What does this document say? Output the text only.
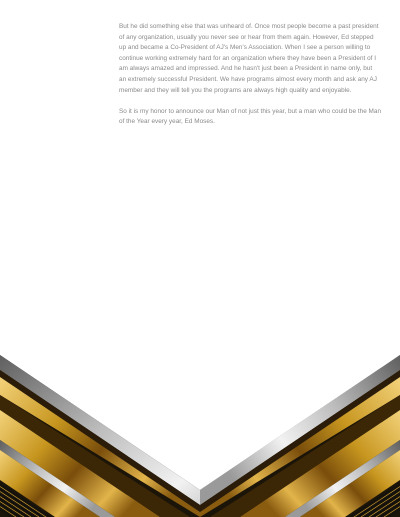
But he did something else that was unheard of. Once most people become a past president of any organization, usually you never see or hear from them again. However, Ed stepped up and became a Co-President of AJ's Men's Association. When I see a person willing to continue working extremely hard for an organization where they have been a President of I am always amazed and impressed. And he hasn't just been a President in name only, but an extremely successful President. We have programs almost every month and ask any AJ member and they will tell you the programs are always high quality and enjoyable.

So it is my honor to announce our Man of not just this year, but a man who could be the Man of the Year every year, Ed Moses.
